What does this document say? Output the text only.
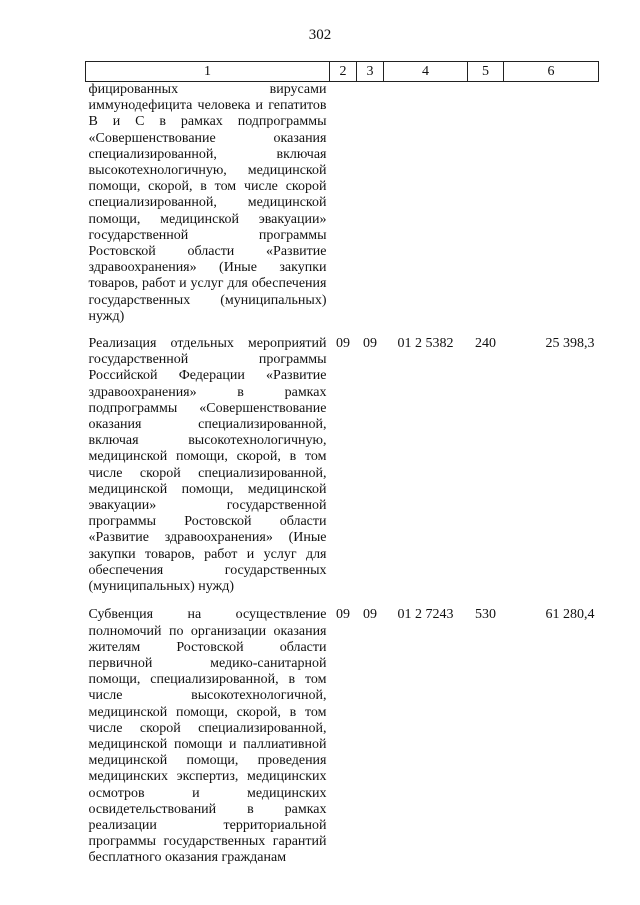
302
1	2	3	4	5	6
фицированных вирусами иммунодефицита человека и гепатитов В и С в рамках подпрограммы «Совершенствование оказания специализированной, включая высокотехнологичную, медицинской помощи, скорой, в том числе скорой специализированной, медицинской помощи, медицинской эвакуации» государственной программы Ростовской области «Развитие здравоохранения» (Иные закупки товаров, работ и услуг для обеспечения государственных (муниципальных) нужд)					
Реализация отдельных мероприятий государственной программы Российской Федерации «Развитие здравоохранения» в рамках подпрограммы «Совершенствование оказания специализированной, включая высокотехнологичную, медицинской помощи, скорой, в том числе скорой специализированной, медицинской помощи, медицинской эвакуации» государственной программы Ростовской области «Развитие здравоохранения» (Иные закупки товаров, работ и услуг для обеспечения государственных (муниципальных) нужд)	09	09	01 2 5382	240	25 398,3
Субвенция на осуществление полномочий по организации оказания жителям Ростовской области первичной медико-санитарной помощи, специализированной, в том числе высокотехнологичной, медицинской помощи, скорой, в том числе скорой специализированной, медицинской помощи и паллиативной медицинской помощи, проведения медицинских экспертиз, медицинских осмотров и медицинских освидетельствований в рамках реализации территориальной программы государственных гарантий бесплатного оказания гражданам	09	09	01 2 7243	530	61 280,4
